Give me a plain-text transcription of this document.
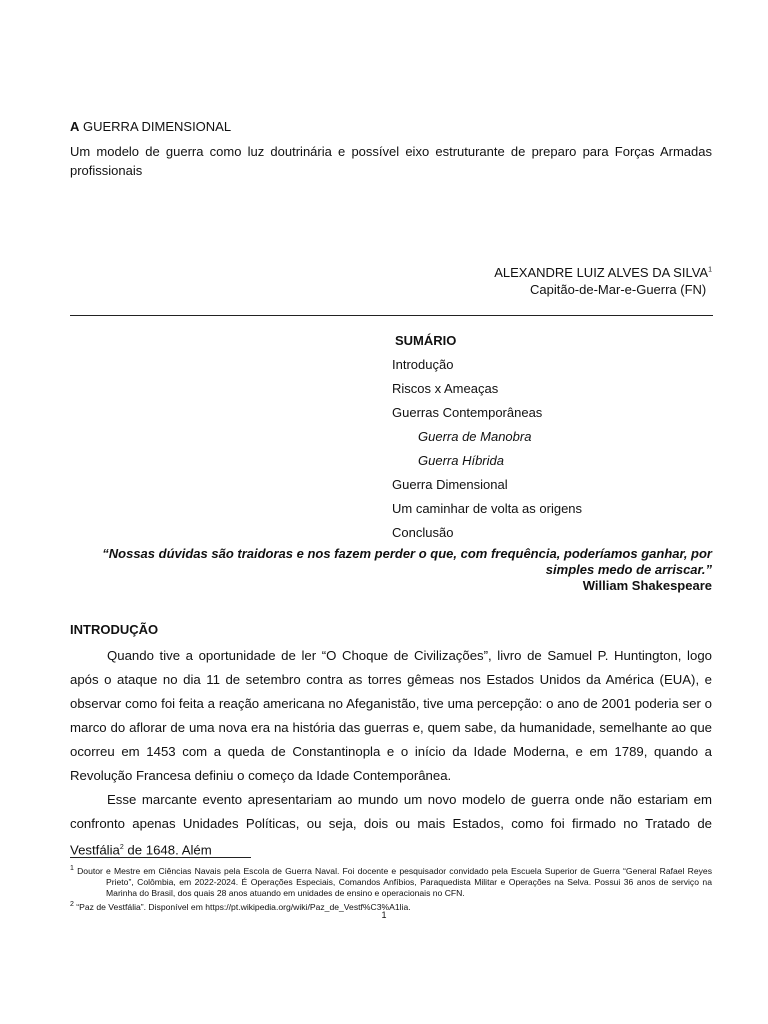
A GUERRA DIMENSIONAL
Um modelo de guerra como luz doutrinária e possível eixo estruturante de preparo para Forças Armadas profissionais
ALEXANDRE LUIZ ALVES DA SILVA$^1$
Capitão-de-Mar-e-Guerra (FN)
SUMÁRIO
Introdução
Riscos x Ameaças
Guerras Contemporâneas
Guerra de Manobra
Guerra Híbrida
Guerra Dimensional
Um caminhar de volta as origens
Conclusão
“Nossas dúvidas são traidoras e nos fazem perder o que, com frequência, poderíamos ganhar, por simples medo de arriscar.”
William Shakespeare
INTRODUÇÃO

Quando tive a oportunidade de ler “O Choque de Civilizações”, livro de Samuel P. Huntington, logo após o ataque no dia 11 de setembro contra as torres gêmeas nos Estados Unidos da América (EUA), e observar como foi feita a reação americana no Afeganistão, tive uma percepção: o ano de 2001 poderia ser o marco do aflorar de uma nova era na história das guerras e, quem sabe, da humanidade, semelhante ao que ocorreu em 1453 com a queda de Constantinopla e o início da Idade Moderna, e em 1789, quando a Revolução Francesa definiu o começo da Idade Contemporânea.

Esse marcante evento apresentariam ao mundo um novo modelo de guerra onde não estariam em confronto apenas Unidades Políticas, ou seja, dois ou mais Estados, como foi firmado no Tratado de Vestfália$^2$ de 1648. Além

$^1$ Doutor e Mestre em Ciências Navais pela Escola de Guerra Naval. Foi docente e pesquisador convidado pela Escuela Superior de Guerra “General Rafael Reyes Prieto”, Colômbia, em 2022-2024. É Operações Especiais, Comandos Anfíbios, Paraquedista Militar e Operações na Selva. Possui 36 anos de serviço na Marinha do Brasil, dos quais 28 anos atuando em unidades de ensino e operacionais no CFN.
$^2$ “Paz de Vestfália”. Disponível em https://pt.wikipedia.org/wiki/Paz_de_Vestf%C3%A1lia.
1
